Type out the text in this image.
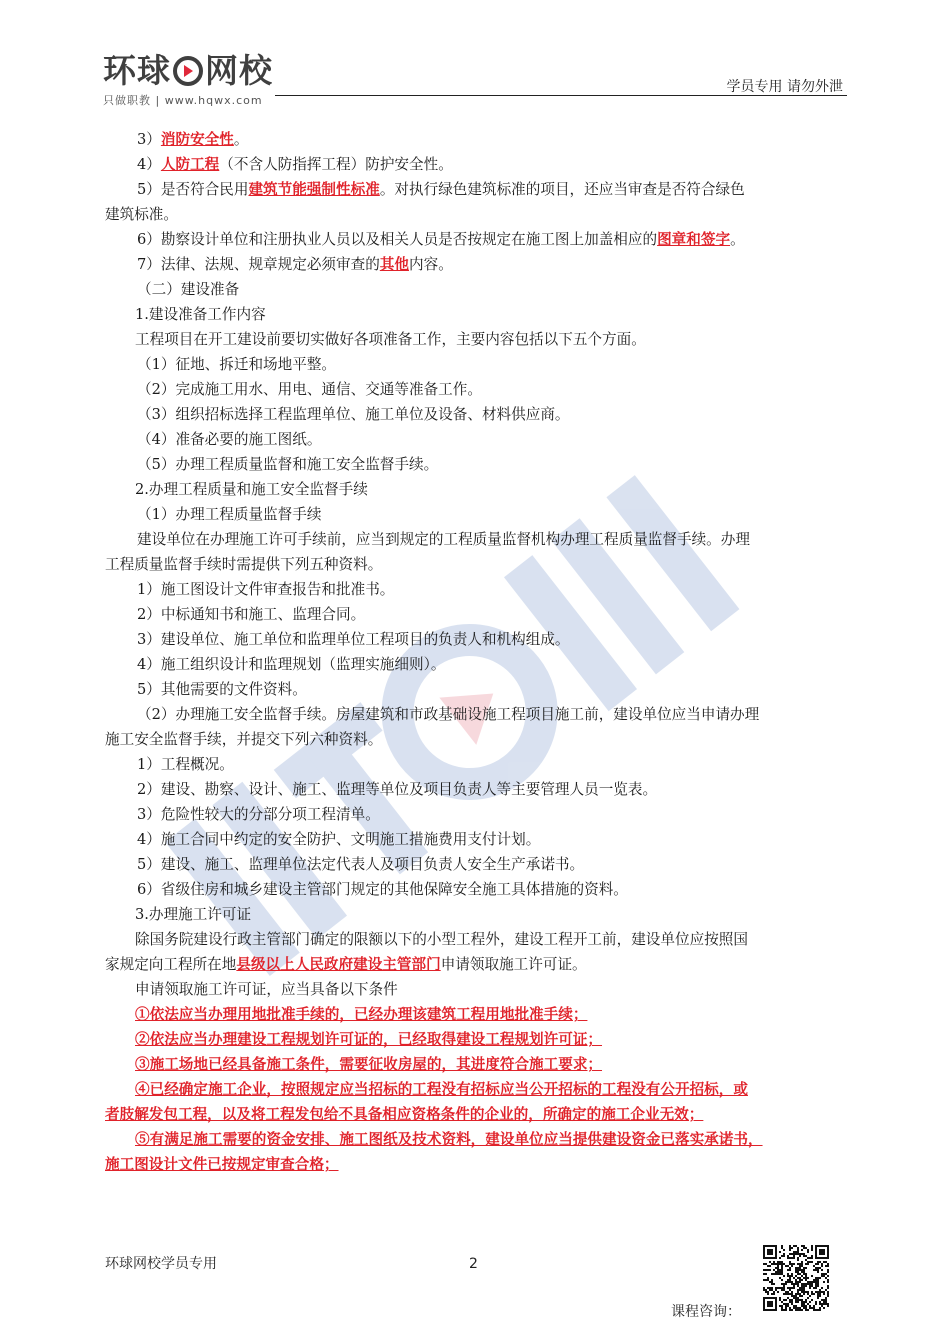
环球 网校
只做职教 | www.hqwx.com
学员专用 请勿外泄
3）消防安全性。
4）人防工程（不含人防指挥工程）防护安全性。
5）是否符合民用建筑节能强制性标准。对执行绿色建筑标准的项目，还应当审查是否符合绿色
建筑标准。
6）勘察设计单位和注册执业人员以及相关人员是否按规定在施工图上加盖相应的图章和签字。
7）法律、法规、规章规定必须审查的其他内容。
（二）建设准备
1.建设准备工作内容
工程项目在开工建设前要切实做好各项准备工作，主要内容包括以下五个方面。
（1）征地、拆迁和场地平整。
（2）完成施工用水、用电、通信、交通等准备工作。
（3）组织招标选择工程监理单位、施工单位及设备、材料供应商。
（4）准备必要的施工图纸。
（5）办理工程质量监督和施工安全监督手续。
2.办理工程质量和施工安全监督手续
（1）办理工程质量监督手续
建设单位在办理施工许可手续前，应当到规定的工程质量监督机构办理工程质量监督手续。办理
工程质量监督手续时需提供下列五种资料。
1）施工图设计文件审查报告和批准书。
2）中标通知书和施工、监理合同。
3）建设单位、施工单位和监理单位工程项目的负责人和机构组成。
4）施工组织设计和监理规划（监理实施细则）。
5）其他需要的文件资料。
（2）办理施工安全监督手续。房屋建筑和市政基础设施工程项目施工前，建设单位应当申请办理
施工安全监督手续，并提交下列六种资料。
1）工程概况。
2）建设、勘察、设计、施工、监理等单位及项目负责人等主要管理人员一览表。
3）危险性较大的分部分项工程清单。
4）施工合同中约定的安全防护、文明施工措施费用支付计划。
5）建设、施工、监理单位法定代表人及项目负责人安全生产承诺书。
6）省级住房和城乡建设主管部门规定的其他保障安全施工具体措施的资料。
3.办理施工许可证
除国务院建设行政主管部门确定的限额以下的小型工程外，建设工程开工前，建设单位应按照国
家规定向工程所在地县级以上人民政府建设主管部门申请领取施工许可证。
申请领取施工许可证，应当具备以下条件
①依法应当办理用地批准手续的，已经办理该建筑工程用地批准手续；
②依法应当办理建设工程规划许可证的，已经取得建设工程规划许可证；
③施工场地已经具备施工条件，需要征收房屋的，其进度符合施工要求；
④已经确定施工企业，按照规定应当招标的工程没有招标应当公开招标的工程没有公开招标，或
者肢解发包工程，以及将工程发包给不具备相应资格条件的企业的，所确定的施工企业无效；
⑤有满足施工需要的资金安排、施工图纸及技术资料，建设单位应当提供建设资金已落实承诺书，
施工图设计文件已按规定审查合格；
环球网校学员专用	2
课程咨询：
